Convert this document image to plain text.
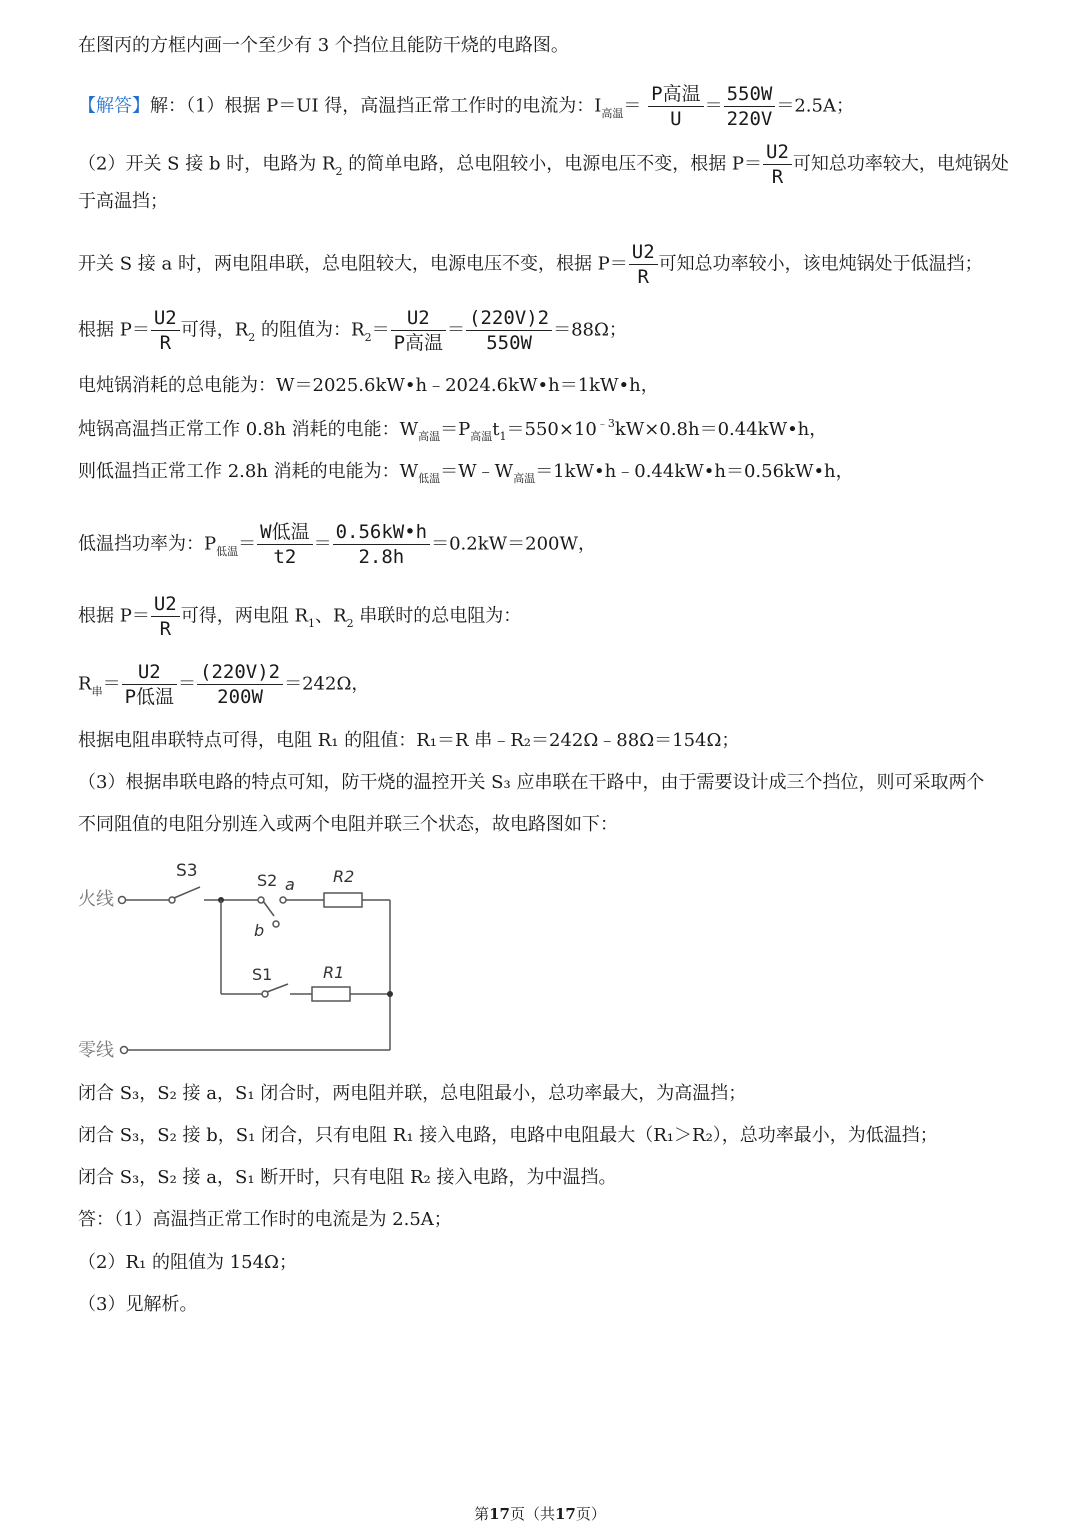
在图丙的方框内画一个至少有 3 个挡位且能防干烧的电路图。
【解答】解：（1）根据 P＝UI 得，高温挡正常工作时的电流为：$I_{高温}= \frac{\text{P高温}}{U} = \frac{550W}{220V} =2.5A$；
（2）开关 S 接 b 时，电路为 $R_2$ 的简单电路，总电阻较小，电源电压不变，根据 $P= \frac{U2}{R}$ 可知总功率较大，电炖锅处
于高温挡；
开关 S 接 a 时，两电阻串联，总电阻较大，电源电压不变，根据 $P= \frac{U2}{R}$ 可知总功率较小，该电炖锅处于低温挡；
根据 $P= \frac{U2}{R}$ 可得，$R_2$ 的阻值为：$R_2= \frac{U2}{\text{P高温}} = \frac{(220V)2}{550W} =88\Omega$；
电炖锅消耗的总电能为：W＝2025.6kW•h﹣2024.6kW•h＝1kW•h，
炖锅高温挡正常工作 0.8h 消耗的电能：$W_{高温}=P_{高温}t_1=550\times 10^{﹣3}kW\times 0.8h=0.44kW•h$，
则低温挡正常工作 2.8h 消耗的电能为：$W_{低温}=W﹣W_{高温}=1kW•h﹣0.44kW•h=0.56kW•h$，
低温挡功率为：$P_{低温}= \frac{\text{W低温}}{t2} = \frac{0.56kW•h}{2.8h} =0.2kW=200W$，
根据 $P= \frac{U2}{R}$ 可得，两电阻 $R_1$、$R_2$ 串联时的总电阻为：
$R_串= \frac{U2}{\text{P低温}} = \frac{(220V)2}{200W} =242\Omega$，
根据电阻串联特点可得，电阻 R₁ 的阻值：R₁＝R 串﹣R₂＝242Ω﹣88Ω＝154Ω；
（3）根据串联电路的特点可知，防干烧的温控开关 S₃ 应串联在干路中，由于需要设计成三个挡位，则可采取两个
不同阻值的电阻分别连入或两个电阻并联三个状态，故电路图如下：
火线
S3	S2 a
b
R2
S1	R1
零线
闭合 S₃，S₂ 接 a，S₁ 闭合时，两电阻并联，总电阻最小，总功率最大，为高温挡；
闭合 S₃，S₂ 接 b，S₁ 闭合，只有电阻 R₁ 接入电路，电路中电阻最大（R₁＞R₂），总功率最小，为低温挡；
闭合 S₃，S₂ 接 a，S₁ 断开时，只有电阻 R₂ 接入电路，为中温挡。
答：（1）高温挡正常工作时的电流是为 2.5A；
（2）R₁ 的阻值为 154Ω；
（3）见解析。
第17页（共17页）
